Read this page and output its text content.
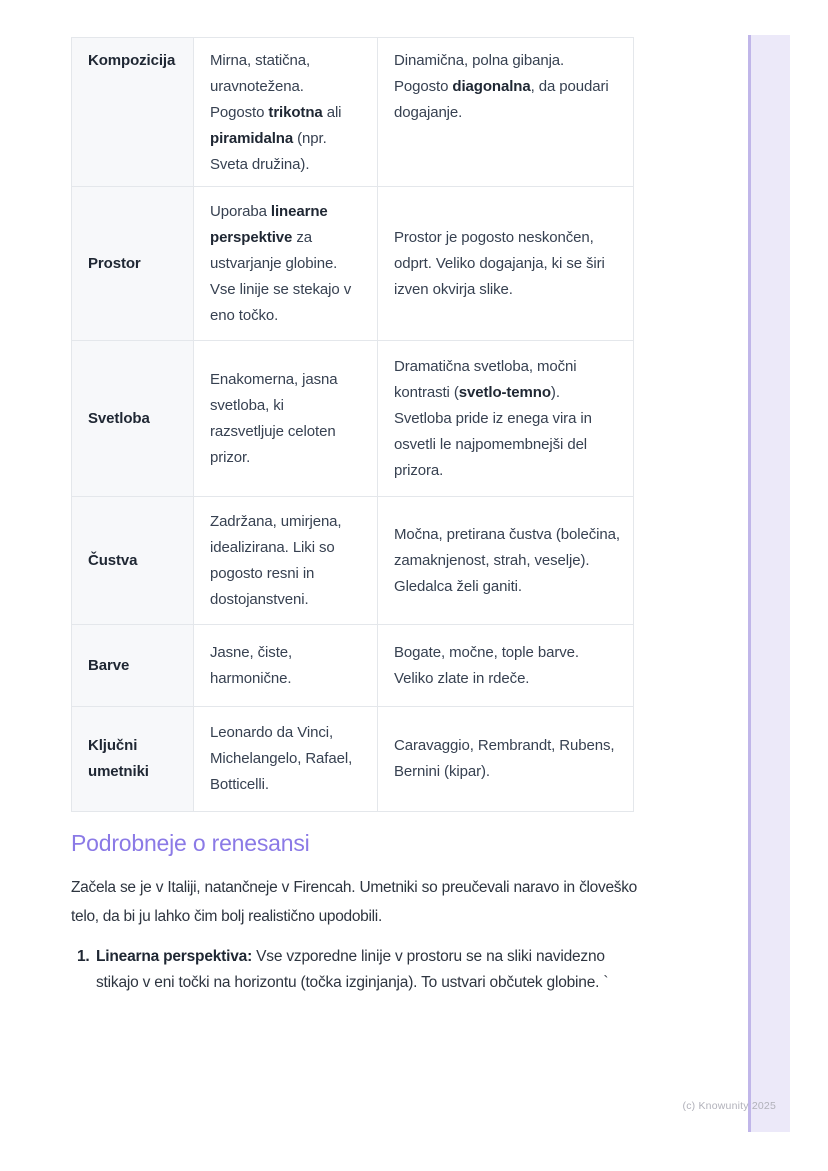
Kompozicija	Mirna, statična, uravnotežena. Pogosto trikotna ali piramidalna (npr. Sveta družina).	Dinamična, polna gibanja. Pogosto diagonalna, da poudari dogajanje.
Prostor	Uporaba linearne perspektive za ustvarjanje globine. Vse linije se stekajo v eno točko.	Prostor je pogosto neskončen, odprt. Veliko dogajanja, ki se širi izven okvirja slike.
Svetloba	Enakomerna, jasna svetloba, ki razsvetljuje celoten prizor.	Dramatična svetloba, močni kontrasti (svetlo-temno). Svetloba pride iz enega vira in osvetli le najpomembnejši del prizora.
Čustva	Zadržana, umirjena, idealizirana. Liki so pogosto resni in dostojanstveni.	Močna, pretirana čustva (bolečina, zamaknjenost, strah, veselje). Gledalca želi ganiti.
Barve	Jasne, čiste, harmonične.	Bogate, močne, tople barve. Veliko zlate in rdeče.
Ključni umetniki	Leonardo da Vinci, Michelangelo, Rafael, Botticelli.	Caravaggio, Rembrandt, Rubens, Bernini (kipar).
Podrobneje o renesansi

Začela se je v Italiji, natančneje v Firencah. Umetniki so preučevali naravo in človeško telo, da bi ju lahko čim bolj realistično upodobili.

1. Linearna perspektiva: Vse vzporedne linije v prostoru se na sliki navidezno stikajo v eni točki na horizontu (točka izginjanja). To ustvari občutek globine. `
(c) Knowunity 2025
